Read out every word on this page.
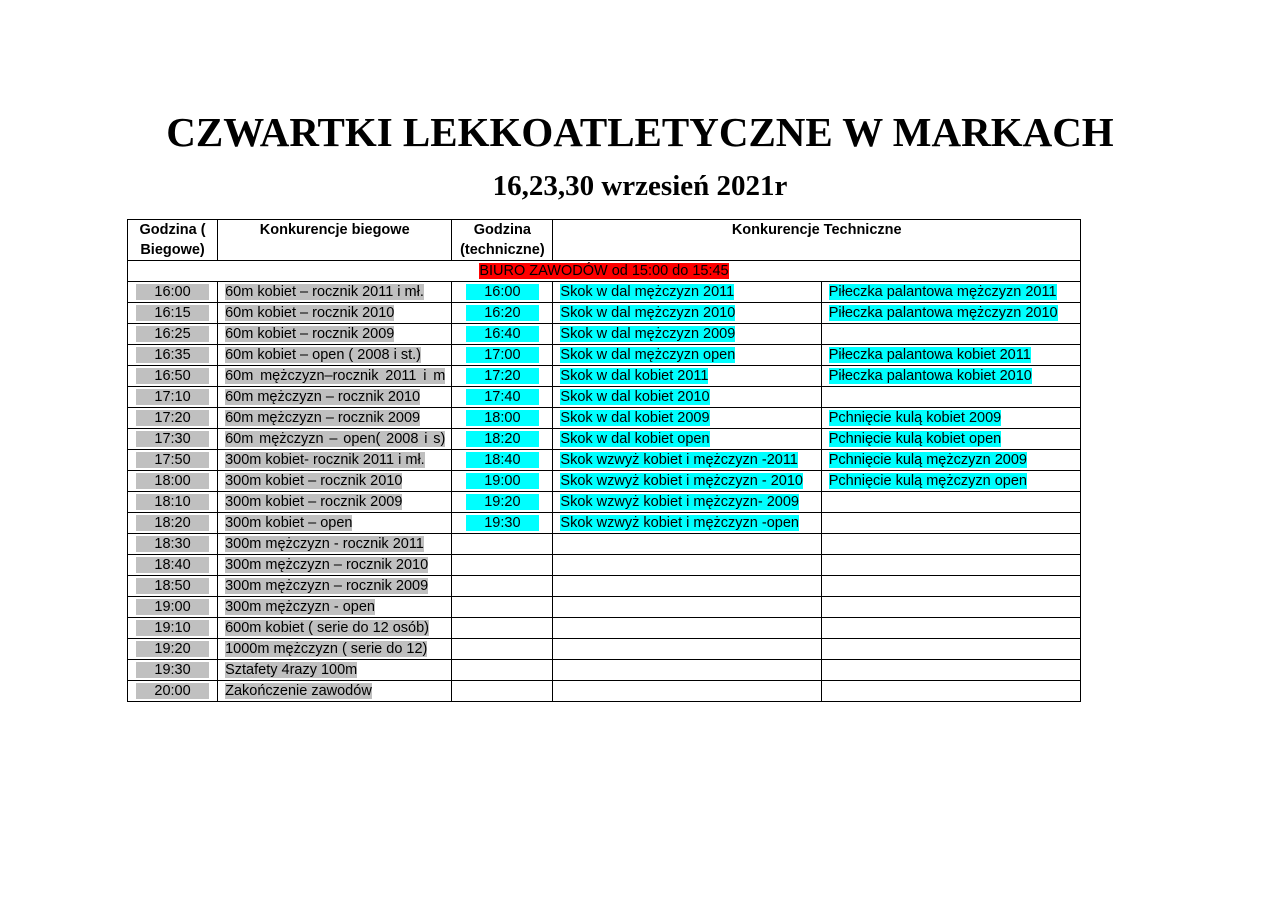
CZWARTKI LEKKOATLETYCZNE W MARKACH
16,23,30 wrzesień 2021r
Godzina ( Biegowe)	Konkurencje biegowe	Godzina (techniczne)	Konkurencje Techniczne	
BIURO ZAWODÓW od 15:00 do 15:45				
16:00	60m kobiet – rocznik 2011 i mł.	16:00	Skok w dal mężczyzn 2011	Piłeczka palantowa mężczyzn 2011
16:15	60m kobiet – rocznik 2010	16:20	Skok w dal mężczyzn 2010	Piłeczka palantowa mężczyzn 2010
16:25	60m kobiet – rocznik 2009	16:40	Skok w dal mężczyzn 2009	
16:35	60m kobiet – open ( 2008 i st.)	17:00	Skok w dal mężczyzn open	Piłeczka palantowa kobiet 2011
16:50	60m mężczyzn–rocznik 2011 i m	17:20	Skok w dal kobiet 2011	Piłeczka palantowa kobiet 2010
17:10	60m mężczyzn – rocznik 2010	17:40	Skok w dal kobiet 2010	
17:20	60m mężczyzn – rocznik 2009	18:00	Skok w dal kobiet 2009	Pchnięcie kulą kobiet 2009
17:30	60m mężczyzn – open( 2008 i s)	18:20	Skok w dal kobiet open	Pchnięcie kulą kobiet open
17:50	300m kobiet- rocznik 2011 i mł.	18:40	Skok wzwyż kobiet i mężczyzn -2011	Pchnięcie kulą mężczyzn 2009
18:00	300m kobiet – rocznik 2010	19:00	Skok wzwyż kobiet i mężczyzn - 2010	Pchnięcie kulą mężczyzn open
18:10	300m kobiet – rocznik 2009	19:20	Skok wzwyż kobiet i mężczyzn- 2009	
18:20	300m kobiet – open	19:30	Skok wzwyż kobiet i mężczyzn -open	
18:30	300m mężczyzn - rocznik 2011			
18:40	300m mężczyzn – rocznik 2010			
18:50	300m mężczyzn – rocznik 2009			
19:00	300m mężczyzn - open			
19:10	600m kobiet ( serie do 12 osób)			
19:20	1000m mężczyzn ( serie do 12)			
19:30	Sztafety 4razy 100m			
20:00	Zakończenie zawodów			
